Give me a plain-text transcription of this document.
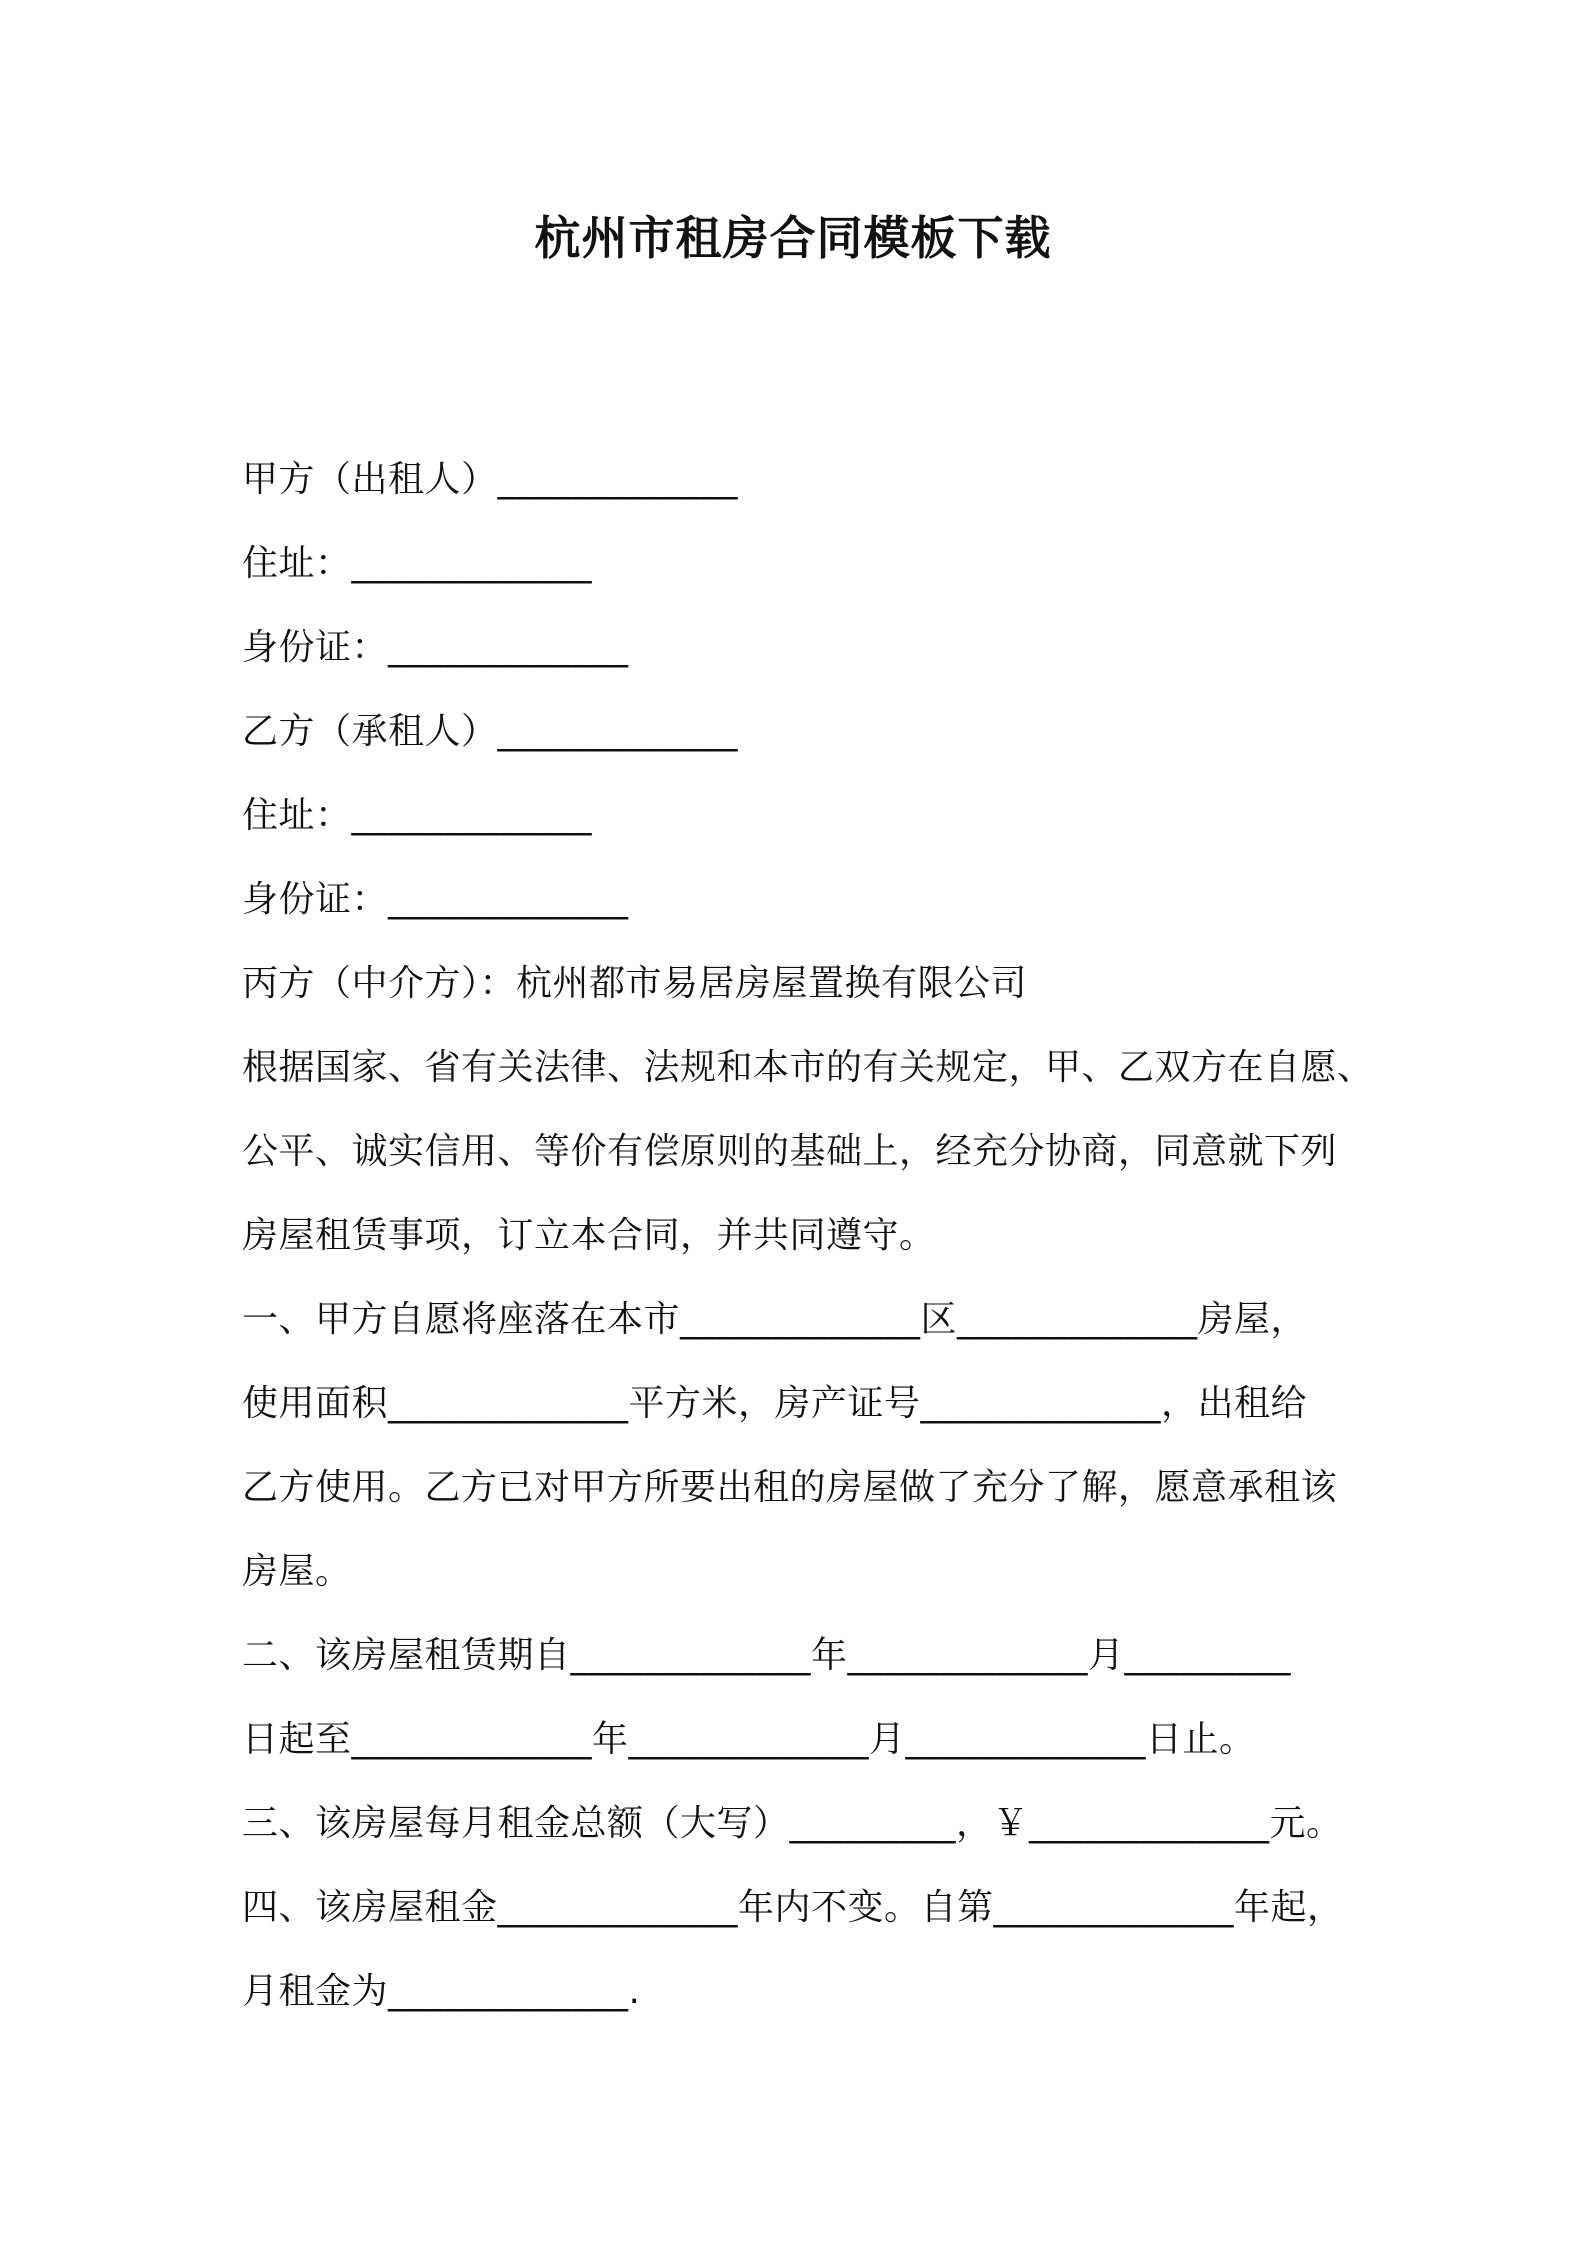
杭州市租房合同模板下载
甲方（出租人）_____________
住址：_____________
身份证：_____________
乙方（承租人）_____________
住址：_____________
身份证：_____________
丙方（中介方）：杭州都市易居房屋置换有限公司
根据国家、省有关法律、法规和本市的有关规定，甲、乙双方在自愿、
公平、诚实信用、等价有偿原则的基础上，经充分协商，同意就下列
房屋租赁事项，订立本合同，并共同遵守。
一、甲方自愿将座落在本市_____________区_____________房屋，
使用面积_____________平方米，房产证号_____________，出租给
乙方使用。乙方已对甲方所要出租的房屋做了充分了解，愿意承租该
房屋。
二、该房屋租赁期自_____________年_____________月_________
日起至_____________年_____________月_____________日止。
三、该房屋每月租金总额（大写）_________，￥_____________元。
四、该房屋租金_____________年内不变。自第_____________年起，
月租金为_____________.
